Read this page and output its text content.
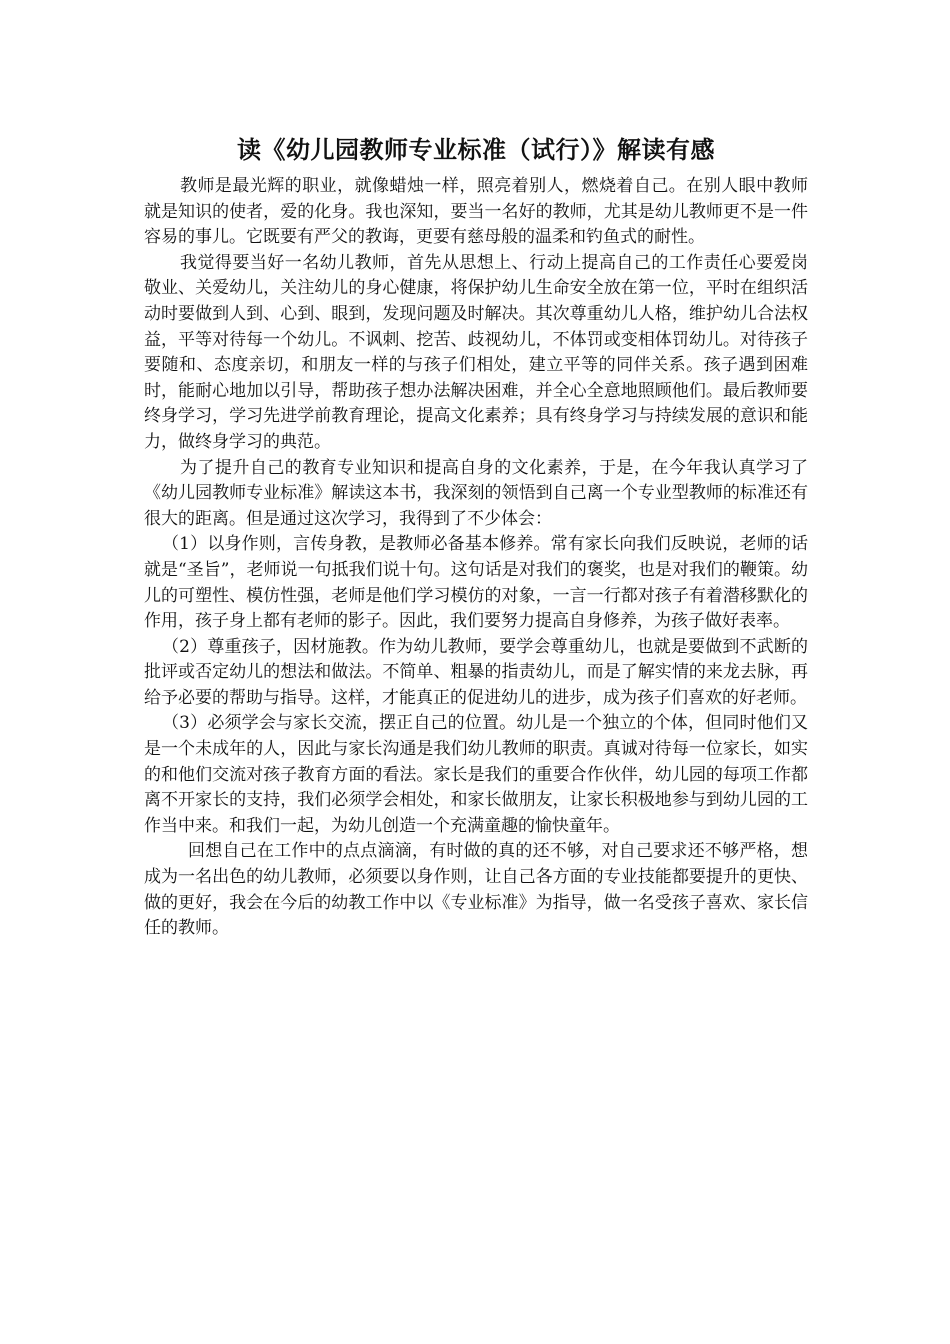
读《幼儿园教师专业标准（试行）》解读有感

教师是最光辉的职业，就像蜡烛一样，照亮着别人，燃烧着自己。在别人眼中教师就是知识的使者，爱的化身。我也深知，要当一名好的教师，尤其是幼儿教师更不是一件容易的事儿。它既要有严父的教诲，更要有慈母般的温柔和钓鱼式的耐性。

我觉得要当好一名幼儿教师，首先从思想上、行动上提高自己的工作责任心要爱岗敬业、关爱幼儿，关注幼儿的身心健康，将保护幼儿生命安全放在第一位，平时在组织活动时要做到人到、心到、眼到，发现问题及时解决。其次尊重幼儿人格，维护幼儿合法权益，平等对待每一个幼儿。不讽刺、挖苦、歧视幼儿，不体罚或变相体罚幼儿。对待孩子要随和、态度亲切，和朋友一样的与孩子们相处，建立平等的同伴关系。孩子遇到困难时，能耐心地加以引导，帮助孩子想办法解决困难，并全心全意地照顾他们。最后教师要终身学习，学习先进学前教育理论，提高文化素养；具有终身学习与持续发展的意识和能力，做终身学习的典范。

为了提升自己的教育专业知识和提高自身的文化素养，于是，在今年我认真学习了《幼儿园教师专业标准》解读这本书，我深刻的领悟到自己离一个专业型教师的标准还有很大的距离。但是通过这次学习，我得到了不少体会：

（1）以身作则，言传身教，是教师必备基本修养。常有家长向我们反映说，老师的话就是“圣旨”，老师说一句抵我们说十句。这句话是对我们的褒奖，也是对我们的鞭策。幼儿的可塑性、模仿性强，老师是他们学习模仿的对象，一言一行都对孩子有着潜移默化的作用，孩子身上都有老师的影子。因此，我们要努力提高自身修养，为孩子做好表率。

（2）尊重孩子，因材施教。作为幼儿教师，要学会尊重幼儿，也就是要做到不武断的批评或否定幼儿的想法和做法。不简单、粗暴的指责幼儿，而是了解实情的来龙去脉，再给予必要的帮助与指导。这样，才能真正的促进幼儿的进步，成为孩子们喜欢的好老师。

（3）必须学会与家长交流，摆正自己的位置。幼儿是一个独立的个体，但同时他们又是一个未成年的人，因此与家长沟通是我们幼儿教师的职责。真诚对待每一位家长，如实的和他们交流对孩子教育方面的看法。家长是我们的重要合作伙伴，幼儿园的每项工作都离不开家长的支持，我们必须学会相处，和家长做朋友，让家长积极地参与到幼儿园的工作当中来。和我们一起，为幼儿创造一个充满童趣的愉快童年。

回想自己在工作中的点点滴滴，有时做的真的还不够，对自己要求还不够严格，想成为一名出色的幼儿教师，必须要以身作则，让自己各方面的专业技能都要提升的更快、做的更好，我会在今后的幼教工作中以《专业标准》为指导，做一名受孩子喜欢、家长信任的教师。
